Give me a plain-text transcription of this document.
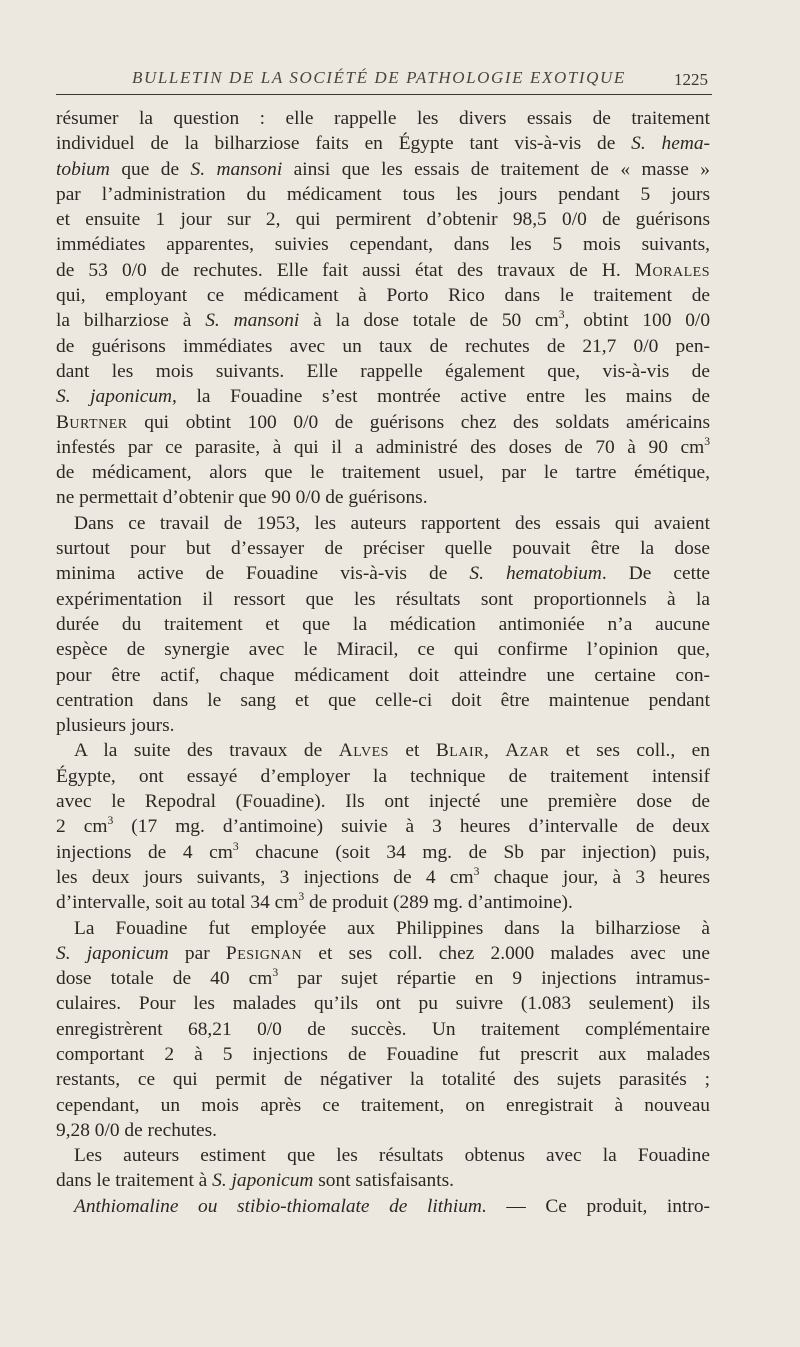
BULLETIN DE LA SOCIÉTÉ DE PATHOLOGIE EXOTIQUE	1225
résumer la question : elle rappelle les divers essais de traitement
individuel de la bilharziose faits en Égypte tant vis-à-vis de S. hema-
tobium que de S. mansoni ainsi que les essais de traitement de « masse »
par l’administration du médicament tous les jours pendant 5 jours
et ensuite 1 jour sur 2, qui permirent d’obtenir 98,5 0/0 de guérisons
immédiates apparentes, suivies cependant, dans les 5 mois suivants,
de 53 0/0 de rechutes. Elle fait aussi état des travaux de H. Morales
qui, employant ce médicament à Porto Rico dans le traitement de
la bilharziose à S. mansoni à la dose totale de 50 $cm^3$, obtint 100 0/0
de guérisons immédiates avec un taux de rechutes de 21,7 0/0 pen-
dant les mois suivants. Elle rappelle également que, vis-à-vis de
S. japonicum, la Fouadine s’est montrée active entre les mains de
Burtner qui obtint 100 0/0 de guérisons chez des soldats américains
infestés par ce parasite, à qui il a administré des doses de 70 à 90 $cm^3$
de médicament, alors que le traitement usuel, par le tartre émétique,
ne permettait d’obtenir que 90 0/0 de guérisons.
Dans ce travail de 1953, les auteurs rapportent des essais qui avaient
surtout pour but d’essayer de préciser quelle pouvait être la dose
minima active de Fouadine vis-à-vis de S. hematobium. De cette
expérimentation il ressort que les résultats sont proportionnels à la
durée du traitement et que la médication antimoniée n’a aucune
espèce de synergie avec le Miracil, ce qui confirme l’opinion que,
pour être actif, chaque médicament doit atteindre une certaine con-
centration dans le sang et que celle-ci doit être maintenue pendant
plusieurs jours.
A la suite des travaux de Alves et Blair, Azar et ses coll., en
Égypte, ont essayé d’employer la technique de traitement intensif
avec le Repodral (Fouadine). Ils ont injecté une première dose de
2 $cm^3$ (17 mg. d’antimoine) suivie à 3 heures d’intervalle de deux
injections de 4 $cm^3$ chacune (soit 34 mg. de Sb par injection) puis,
les deux jours suivants, 3 injections de 4 $cm^3$ chaque jour, à 3 heures
d’intervalle, soit au total 34 $cm^3$ de produit (289 mg. d’antimoine).
La Fouadine fut employée aux Philippines dans la bilharziose à
S. japonicum par Pesignan et ses coll. chez 2.000 malades avec une
dose totale de 40 $cm^3$ par sujet répartie en 9 injections intramus-
culaires. Pour les malades qu’ils ont pu suivre (1.083 seulement) ils
enregistrèrent 68,21 0/0 de succès. Un traitement complémentaire
comportant 2 à 5 injections de Fouadine fut prescrit aux malades
restants, ce qui permit de négativer la totalité des sujets parasités ;
cependant, un mois après ce traitement, on enregistrait à nouveau
9,28 0/0 de rechutes.
Les auteurs estiment que les résultats obtenus avec la Fouadine
dans le traitement à S. japonicum sont satisfaisants.
Anthiomaline ou stibio-thiomalate de lithium. — Ce produit, intro-
